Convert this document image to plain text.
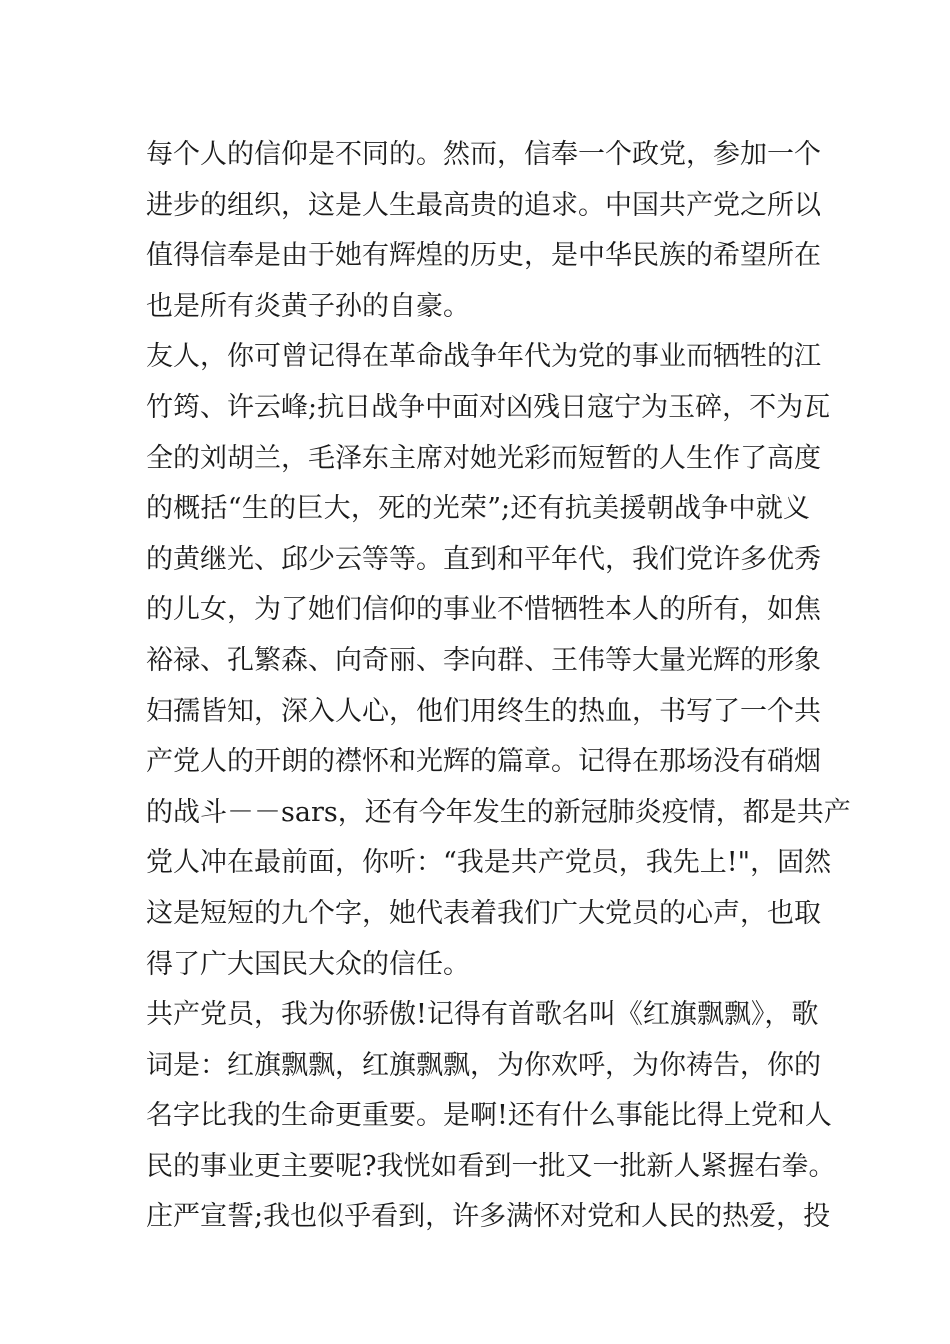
每个人的信仰是不同的。然而，信奉一个政党，参加一个
进步的组织，这是人生最高贵的追求。中国共产党之所以
值得信奉是由于她有辉煌的历史，是中华民族的希望所在
也是所有炎黄子孙的自豪。
友人，你可曾记得在革命战争年代为党的事业而牺牲的江
竹筠、许云峰;抗日战争中面对凶残日寇宁为玉碎，不为瓦
全的刘胡兰，毛泽东主席对她光彩而短暂的人生作了高度
的概括“生的巨大，死的光荣”;还有抗美援朝战争中就义
的黄继光、邱少云等等。直到和平年代，我们党许多优秀
的儿女，为了她们信仰的事业不惜牺牲本人的所有，如焦
裕禄、孔繁森、向奇丽、李向群、王伟等大量光辉的形象
妇孺皆知，深入人心，他们用终生的热血，书写了一个共
产党人的开朗的襟怀和光辉的篇章。记得在那场没有硝烟
的战斗－－sars，还有今年发生的新冠肺炎疫情，都是共产
党人冲在最前面，你听：“我是共产党员，我先上!"，固然
这是短短的九个字，她代表着我们广大党员的心声，也取
得了广大国民大众的信任。
共产党员，我为你骄傲!记得有首歌名叫《红旗飘飘》，歌
词是：红旗飘飘，红旗飘飘，为你欢呼，为你祷告，你的
名字比我的生命更重要。是啊!还有什么事能比得上党和人
民的事业更主要呢?我恍如看到一批又一批新人紧握右拳。
庄严宣誓;我也似乎看到，许多满怀对党和人民的热爱，投
